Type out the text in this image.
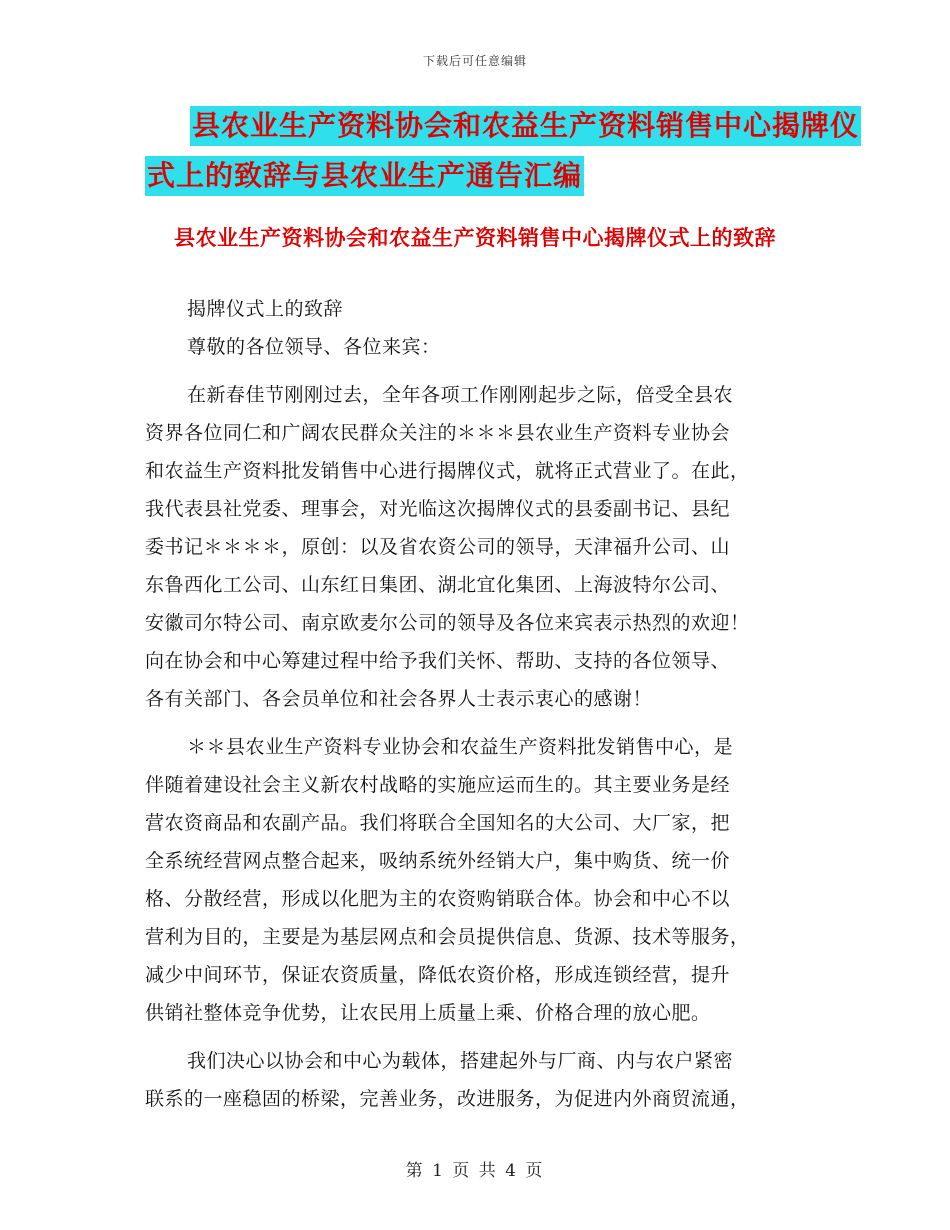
下载后可任意编辑
县农业生产资料协会和农益生产资料销售中心揭牌仪
式上的致辞与县农业生产通告汇编
县农业生产资料协会和农益生产资料销售中心揭牌仪式上的致辞
揭牌仪式上的致辞
尊敬的各位领导、各位来宾：
在新春佳节刚刚过去，全年各项工作刚刚起步之际，倍受全县农
资界各位同仁和广阔农民群众关注的＊＊＊县农业生产资料专业协会
和农益生产资料批发销售中心进行揭牌仪式，就将正式营业了。在此，
我代表县社党委、理事会，对光临这次揭牌仪式的县委副书记、县纪
委书记＊＊＊＊，原创：以及省农资公司的领导，天津福升公司、山
东鲁西化工公司、山东红日集团、湖北宜化集团、上海波特尔公司、
安徽司尔特公司、南京欧麦尔公司的领导及各位来宾表示热烈的欢迎！
向在协会和中心筹建过程中给予我们关怀、帮助、支持的各位领导、
各有关部门、各会员单位和社会各界人士表示衷心的感谢！
＊＊县农业生产资料专业协会和农益生产资料批发销售中心，是
伴随着建设社会主义新农村战略的实施应运而生的。其主要业务是经
营农资商品和农副产品。我们将联合全国知名的大公司、大厂家，把
全系统经营网点整合起来，吸纳系统外经销大户，集中购货、统一价
格、分散经营，形成以化肥为主的农资购销联合体。协会和中心不以
营利为目的，主要是为基层网点和会员提供信息、货源、技术等服务，
减少中间环节，保证农资质量，降低农资价格，形成连锁经营，提升
供销社整体竞争优势，让农民用上质量上乘、价格合理的放心肥。
我们决心以协会和中心为载体，搭建起外与厂商、内与农户紧密
联系的一座稳固的桥梁，完善业务，改进服务，为促进内外商贸流通，
第 1 页 共 4 页
